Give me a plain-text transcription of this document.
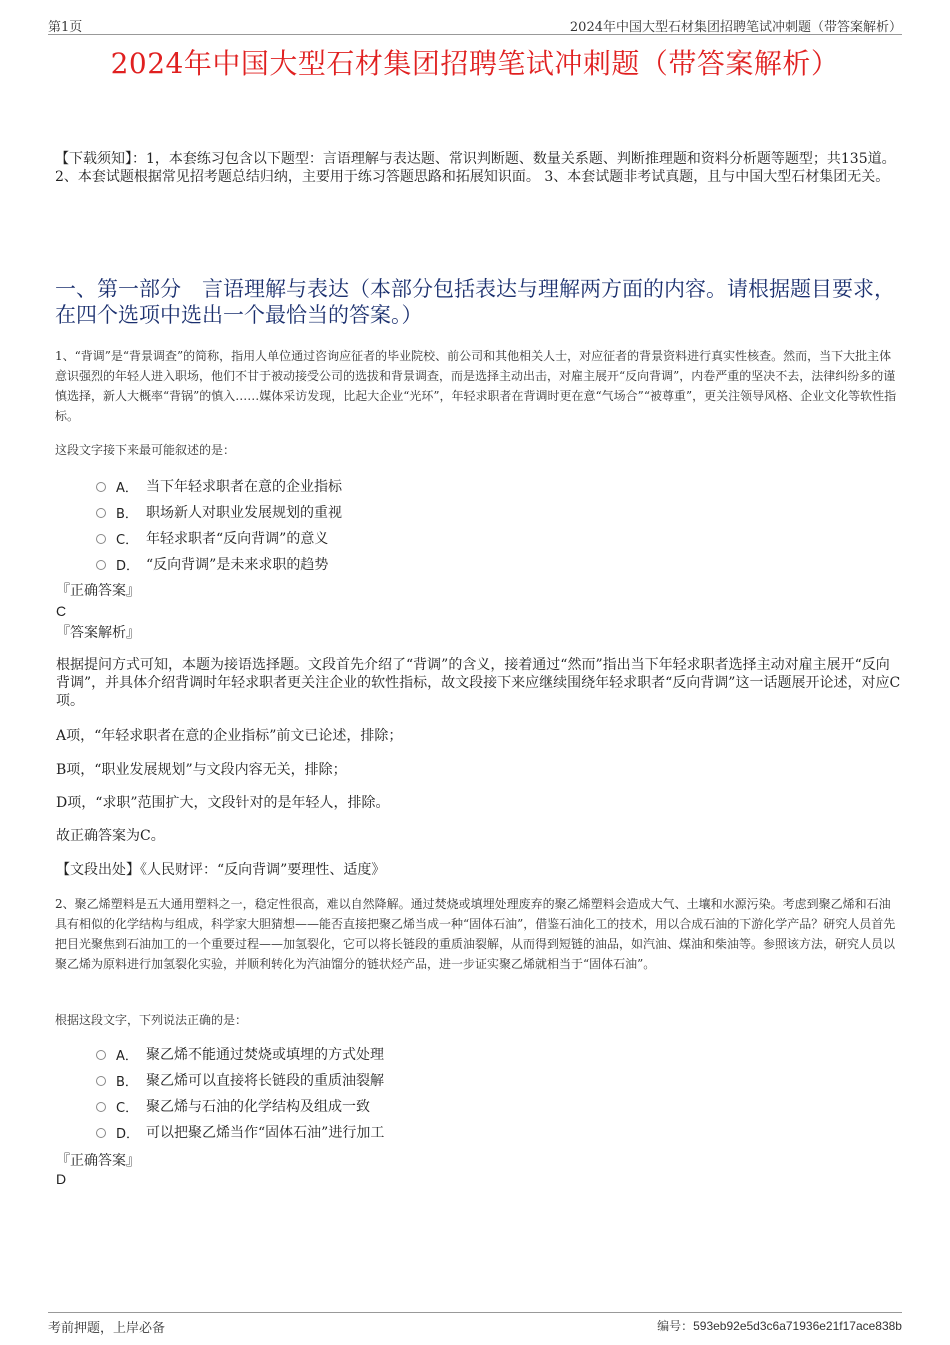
第1页	2024年中国大型石材集团招聘笔试冲刺题（带答案解析）
2024年中国大型石材集团招聘笔试冲刺题（带答案解析）
【下载须知】：1，本套练习包含以下题型：言语理解与表达题、常识判断题、数量关系题、判断推理题和资料分析题等题型；共135道。 2、本套试题根据常见招考题总结归纳，主要用于练习答题思路和拓展知识面。 3、本套试题非考试真题，且与中国大型石材集团无关。
一、第一部分　言语理解与表达（本部分包括表达与理解两方面的内容。请根据题目要求，在四个选项中选出一个最恰当的答案。）
1、“背调”是“背景调查”的简称，指用人单位通过咨询应征者的毕业院校、前公司和其他相关人士，对应征者的背景资料进行真实性核查。然而，当下大批主体意识强烈的年轻人进入职场，他们不甘于被动接受公司的选拔和背景调查，而是选择主动出击，对雇主展开“反向背调”，内卷严重的坚决不去，法律纠纷多的谨慎选择，新人大概率“背锅”的慎入……媒体采访发现，比起大企业“光环”，年轻求职者在背调时更在意“气场合”“被尊重”，更关注领导风格、企业文化等软性指标。
这段文字接下来最可能叙述的是：
A． 当下年轻求职者在意的企业指标
B． 职场新人对职业发展规划的重视
C． 年轻求职者“反向背调”的意义
D． “反向背调”是未来求职的趋势
『正确答案』
C
『答案解析』
根据提问方式可知，本题为接语选择题。文段首先介绍了“背调”的含义，接着通过“然而”指出当下年轻求职者选择主动对雇主展开“反向背调”，并具体介绍背调时年轻求职者更关注企业的软性指标，故文段接下来应继续围绕年轻求职者“反向背调”这一话题展开论述，对应C项。
A项，“年轻求职者在意的企业指标”前文已论述，排除；
B项，“职业发展规划”与文段内容无关，排除；
D项，“求职”范围扩大，文段针对的是年轻人，排除。
故正确答案为C。
【文段出处】《人民财评：“反向背调”要理性、适度》
2、聚乙烯塑料是五大通用塑料之一，稳定性很高，难以自然降解。通过焚烧或填埋处理废弃的聚乙烯塑料会造成大气、土壤和水源污染。考虑到聚乙烯和石油具有相似的化学结构与组成，科学家大胆猜想——能否直接把聚乙烯当成一种“固体石油”，借鉴石油化工的技术，用以合成石油的下游化学产品？研究人员首先把目光聚焦到石油加工的一个重要过程——加氢裂化，它可以将长链段的重质油裂解，从而得到短链的油品，如汽油、煤油和柴油等。参照该方法，研究人员以聚乙烯为原料进行加氢裂化实验，并顺利转化为汽油馏分的链状烃产品，进一步证实聚乙烯就相当于“固体石油”。
根据这段文字，下列说法正确的是：
A． 聚乙烯不能通过焚烧或填埋的方式处理
B． 聚乙烯可以直接将长链段的重质油裂解
C． 聚乙烯与石油的化学结构及组成一致
D． 可以把聚乙烯当作“固体石油”进行加工
『正确答案』
D
考前押题，上岸必备	编号：593eb92e5d3c6a71936e21f17ace838b
